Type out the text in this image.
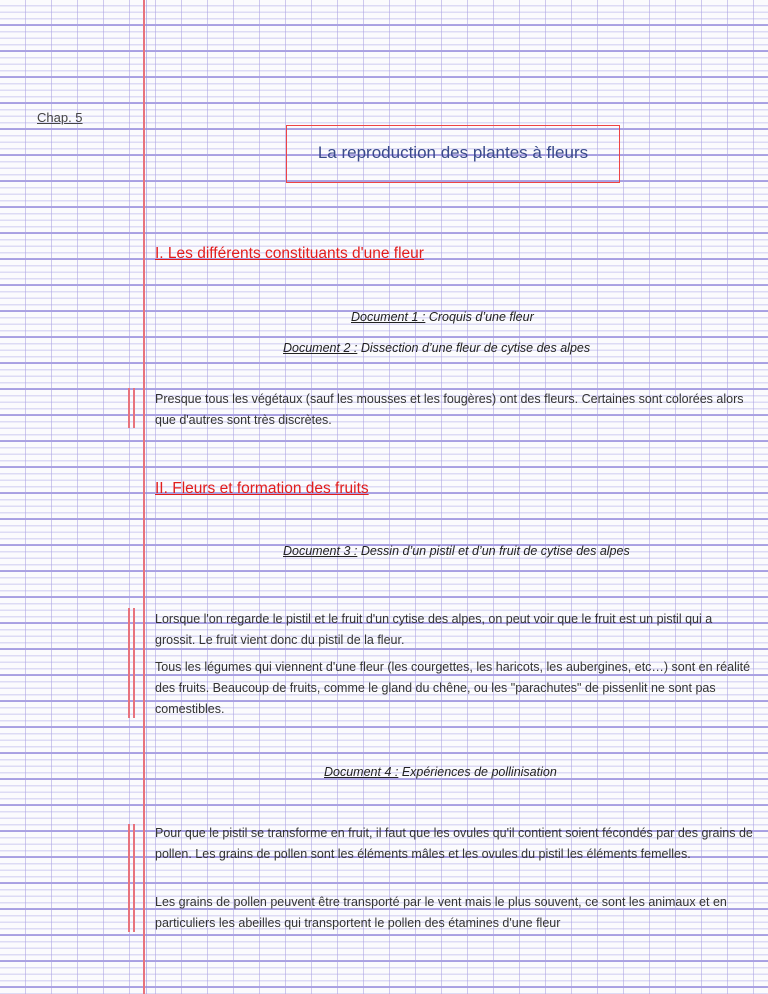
Chap. 5

La reproduction des plantes à fleurs

I. Les différents constituants d'une fleur

Document 1 : Croquis d’une fleur

Document 2 : Dissection d’une fleur de cytise des alpes

Presque tous les végétaux (sauf les mousses et les fougères) ont des fleurs. Certaines sont colorées alors que d'autres sont très discrètes.

II. Fleurs et formation des fruits

Document 3 : Dessin d’un pistil et d’un fruit de cytise des alpes

Lorsque l'on regarde le pistil et le fruit d'un cytise des alpes, on peut voir que le fruit est un pistil qui a grossit. Le fruit vient donc du pistil de la fleur.

Tous les légumes qui viennent d'une fleur (les courgettes, les haricots, les aubergines, etc…) sont en réalité des fruits. Beaucoup de fruits, comme le gland du chêne, ou les "parachutes" de pissenlit ne sont pas comestibles.

Document 4 : Expériences de pollinisation

Pour que le pistil se transforme en fruit, il faut que les ovules qu'il contient soient fécondés par des grains de pollen. Les grains de pollen sont les éléments mâles et les ovules du pistil les éléments femelles.

Les grains de pollen peuvent être transporté par le vent mais le plus souvent, ce sont les animaux et en particuliers les abeilles qui transportent le pollen des étamines d'une fleur
